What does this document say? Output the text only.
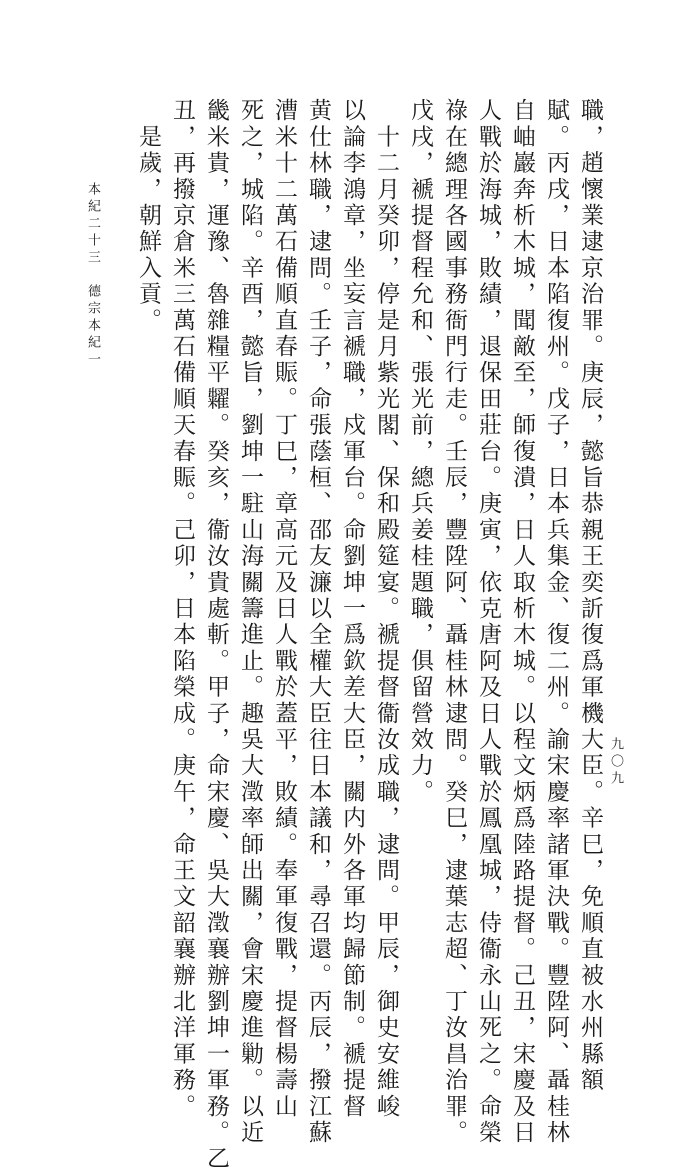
九〇九
職，趙懷業逮京治罪。庚辰，懿旨恭親王奕訢復爲軍機大臣。辛巳，免順直被水州縣額
賦。丙戌，日本陷復州。戊子，日本兵集金、復二州。諭宋慶率諸軍決戰。豐陞阿、聶桂林
自岫巖奔析木城，聞敵至，師復潰，日人取析木城。以程文炳爲陸路提督。己丑，宋慶及日
人戰於海城，敗績，退保田莊台。庚寅，依克唐阿及日人戰於鳳凰城，侍衞永山死之。命榮
祿在總理各國事務衙門行走。壬辰，豐陞阿、聶桂林逮問。癸巳，逮葉志超、丁汝昌治罪。
戊戌，褫提督程允和、張光前，總兵姜桂題職，俱留營效力。
　十二月癸卯，停是月紫光閣、保和殿筵宴。褫提督衞汝成職，逮問。甲辰，御史安維峻
以論李鴻章，坐妄言褫職，戍軍台。命劉坤一爲欽差大臣，關内外各軍均歸節制。褫提督
黄仕林職，逮問。壬子，命張蔭桓、邵友濂以全權大臣往日本議和，尋召還。丙辰，撥江蘇
漕米十二萬石備順直春賑。丁巳，章高元及日人戰於蓋平，敗績。奉軍復戰，提督楊壽山
死之，城陷。辛酉，懿旨，劉坤一駐山海關籌進止。趣吳大澂率師出關，會宋慶進勦。以近
畿米貴，運豫、魯雜糧平糶。癸亥，衞汝貴處斬。甲子，命宋慶、吳大澂襄辦劉坤一軍務。乙
丑，再撥京倉米三萬石備順天春賑。己卯，日本陷榮成。庚午，命王文韶襄辦北洋軍務。
　是歲，朝鮮入貢。
本紀二十三　德宗本紀一
